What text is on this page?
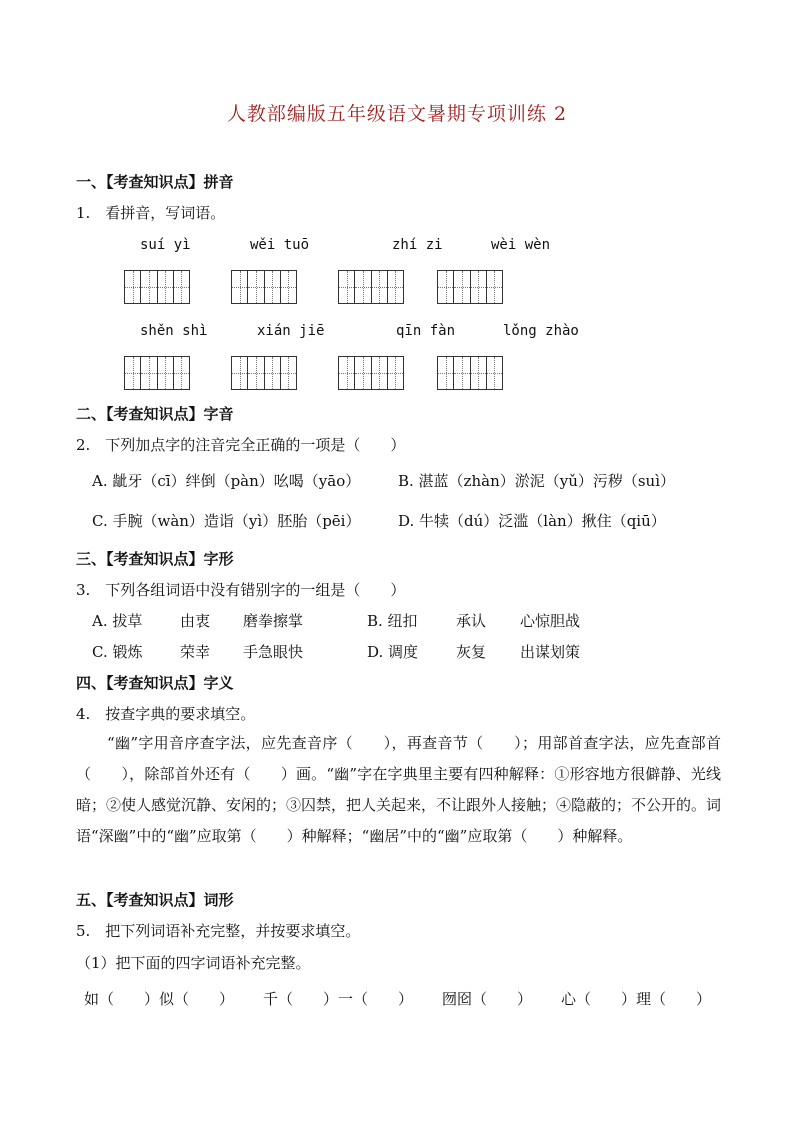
人教部编版五年级语文暑期专项训练 2
一、【考查知识点】拼音
1.　看拼音，写词语。
suí yì	wěi tuō	zhí zi	wèi wèn
shěn shì	xián jiē	qīn fàn	lǒng zhào
二、【考查知识点】字音
2.　下列加点字的注音完全正确的一项是（　　）
A. 龇牙（cī）绊倒（pàn）吆喝（yāo）	B. 湛蓝（zhàn）淤泥（yǔ）污秽（suì）
C. 手腕（wàn）造诣（yì）胚胎（pēi）	D. 牛犊（dú）泛滥（làn）揪住（qiū）
三、【考查知识点】字形
3.　下列各组词语中没有错别字的一组是（　　）
A. 拔草	由衷 磨拳擦掌	B. 纽扣	承认 心惊胆战
C. 锻炼	荣幸 手急眼快	D. 调度	灰复 出谋划策
四、【考查知识点】字义
4.　按查字典的要求填空。
“幽”字用音序查字法，应先查音序（　　），再查音节（　　）；用部首查字法，应先查部首（　　），除部首外还有（　　）画。“幽”字在字典里主要有四种解释：①形容地方很僻静、光线暗；②使人感觉沉静、安闲的；③囚禁，把人关起来，不让跟外人接触；④隐蔽的；不公开的。词语“深幽”中的“幽”应取第（　　）种解释；“幽居”中的“幽”应取第（　　）种解释。
五、【考查知识点】词形
5.　把下列词语补充完整，并按要求填空。
（1）把下面的四字词语补充完整。
如（　　）似（　　） 千（　　）一（　　） 囫囵（　　） 心（　　）理（　　）
